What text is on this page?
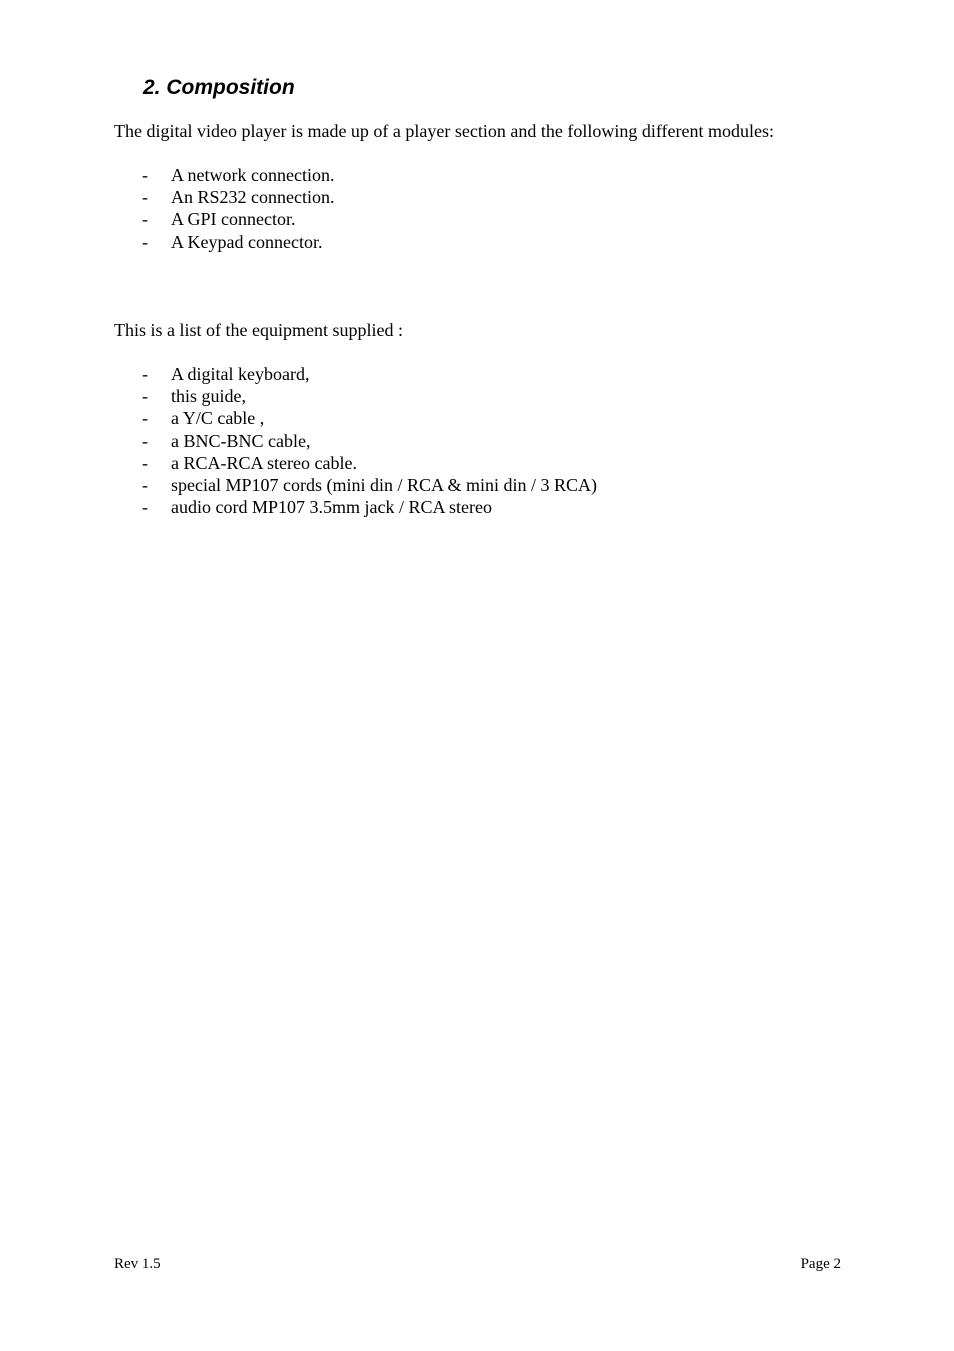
2. Composition

The digital video player is made up of a player section and the following different modules:

- A network connection.
- An RS232 connection.
- A GPI connector.
- A Keypad connector.

This is a list of the equipment supplied :

- A digital keyboard,
- this guide,
- a Y/C cable ,
- a BNC-BNC cable,
- a RCA-RCA stereo cable.
- special MP107 cords (mini din / RCA & mini din / 3 RCA)
- audio cord MP107 3.5mm jack / RCA stereo
Rev 1.5	Page 2
